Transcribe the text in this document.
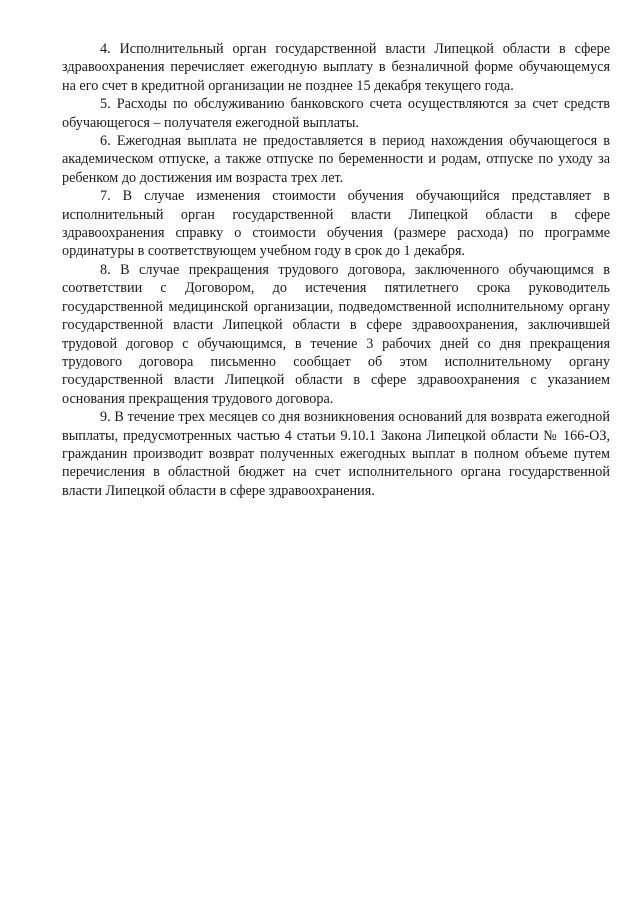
4. Исполнительный орган государственной власти Липецкой области в сфере здравоохранения перечисляет ежегодную выплату в безналичной форме обучающемуся на его счет в кредитной организации не позднее 15 декабря текущего года.

5. Расходы по обслуживанию банковского счета осуществляются за счет средств обучающегося – получателя ежегодной выплаты.

6. Ежегодная выплата не предоставляется в период нахождения обучающегося в академическом отпуске, а также отпуске по беременности и родам, отпуске по уходу за ребенком до достижения им возраста трех лет.

7. В случае изменения стоимости обучения обучающийся представляет в исполнительный орган государственной власти Липецкой области в сфере здравоохранения справку о стоимости обучения (размере расхода) по программе ординатуры в соответствующем учебном году в срок до 1 декабря.

8. В случае прекращения трудового договора, заключенного обучающимся в соответствии с Договором, до истечения пятилетнего срока руководитель государственной медицинской организации, подведомственной исполнительному органу государственной власти Липецкой области в сфере здравоохранения, заключившей трудовой договор с обучающимся, в течение 3 рабочих дней со дня прекращения трудового договора письменно сообщает об этом исполнительному органу государственной власти Липецкой области в сфере здравоохранения с указанием основания прекращения трудового договора.

9. В течение трех месяцев со дня возникновения оснований для возврата ежегодной выплаты, предусмотренных частью 4 статьи 9.10.1 Закона Липецкой области № 166-ОЗ, гражданин производит возврат полученных ежегодных выплат в полном объеме путем перечисления в областной бюджет на счет исполнительного органа государственной власти Липецкой области в сфере здравоохранения.
